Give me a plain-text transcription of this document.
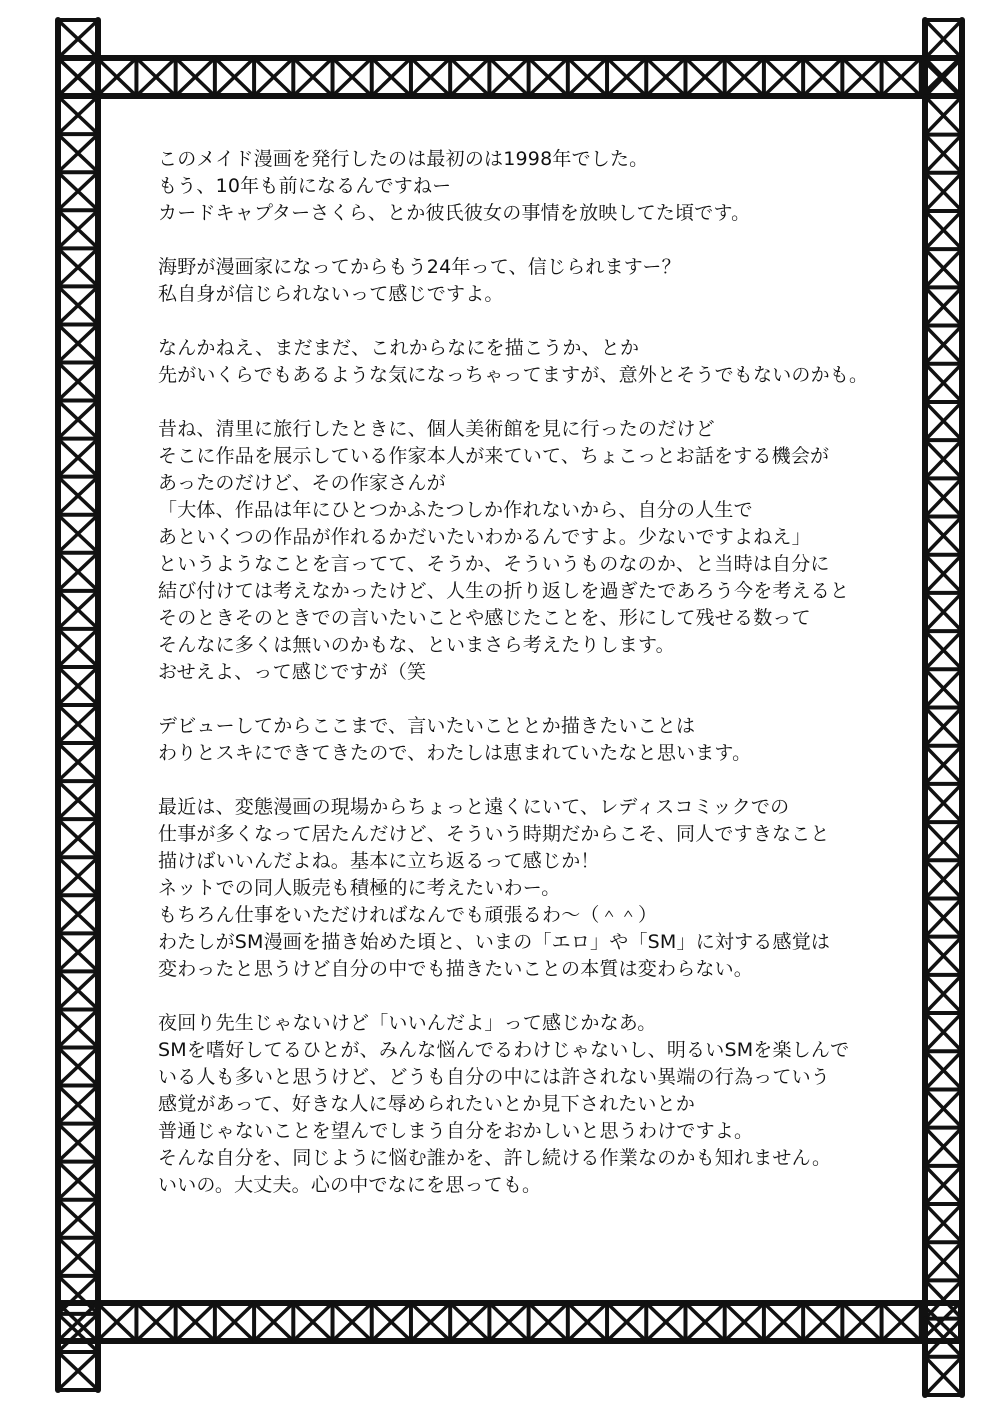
このメイド漫画を発行したのは最初のは1998年でした。
もう、10年も前になるんですねー
カードキャプターさくら、とか彼氏彼女の事情を放映してた頃です。
海野が漫画家になってからもう24年って、信じられますー？
私自身が信じられないって感じですよ。
なんかねえ、まだまだ、これからなにを描こうか、とか
先がいくらでもあるような気になっちゃってますが、意外とそうでもないのかも。
昔ね、清里に旅行したときに、個人美術館を見に行ったのだけど
そこに作品を展示している作家本人が来ていて、ちょこっとお話をする機会が
あったのだけど、その作家さんが
「大体、作品は年にひとつかふたつしか作れないから、自分の人生で
あといくつの作品が作れるかだいたいわかるんですよ。少ないですよねえ」
というようなことを言ってて、そうか、そういうものなのか、と当時は自分に
結び付けては考えなかったけど、人生の折り返しを過ぎたであろう今を考えると
そのときそのときでの言いたいことや感じたことを、形にして残せる数って
そんなに多くは無いのかもな、といまさら考えたりします。
おせえよ、って感じですが（笑
デビューしてからここまで、言いたいこととか描きたいことは
わりとスキにできてきたので、わたしは恵まれていたなと思います。
最近は、変態漫画の現場からちょっと遠くにいて、レディスコミックでの
仕事が多くなって居たんだけど、そういう時期だからこそ、同人ですきなこと
描けばいいんだよね。基本に立ち返るって感じか！
ネットでの同人販売も積極的に考えたいわー。
もちろん仕事をいただければなんでも頑張るわ～（＾＾）
わたしがSM漫画を描き始めた頃と、いまの「エロ」や「SM」に対する感覚は
変わったと思うけど自分の中でも描きたいことの本質は変わらない。
夜回り先生じゃないけど「いいんだよ」って感じかなあ。
SMを嗜好してるひとが、みんな悩んでるわけじゃないし、明るいSMを楽しんで
いる人も多いと思うけど、どうも自分の中には許されない異端の行為っていう
感覚があって、好きな人に辱められたいとか見下されたいとか
普通じゃないことを望んでしまう自分をおかしいと思うわけですよ。
そんな自分を、同じように悩む誰かを、許し続ける作業なのかも知れません。
いいの。大丈夫。心の中でなにを思っても。
